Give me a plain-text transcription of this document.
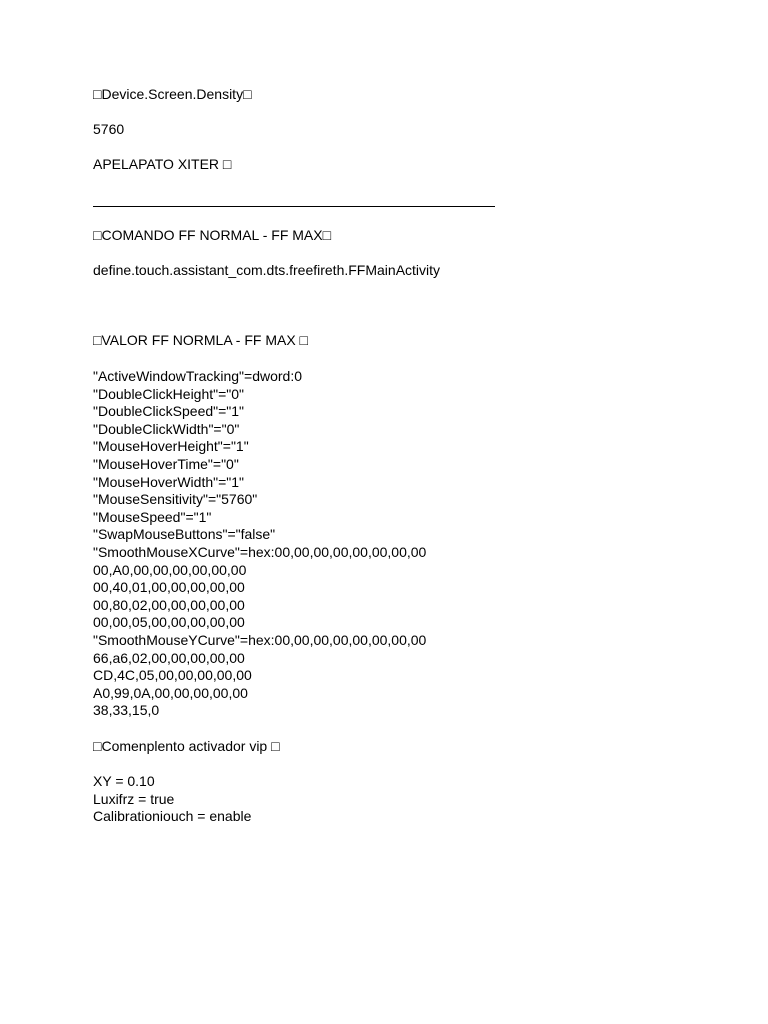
□Device.Screen.Density□

5760

APELAPATO XITER □

□COMANDO FF NORMAL - FF MAX□

define.touch.assistant_com.dts.freefireth.FFMainActivity

□VALOR FF NORMLA - FF MAX □

"ActiveWindowTracking"=dword:0
"DoubleClickHeight"="0"
"DoubleClickSpeed"="1"
"DoubleClickWidth"="0"
"MouseHoverHeight"="1"
"MouseHoverTime"="0"
"MouseHoverWidth"="1"
"MouseSensitivity"="5760"
"MouseSpeed"="1"
"SwapMouseButtons"="false"
"SmoothMouseXCurve"=hex:00,00,00,00,00,00,00,00
00,A0,00,00,00,00,00,00
00,40,01,00,00,00,00,00
00,80,02,00,00,00,00,00
00,00,05,00,00,00,00,00
"SmoothMouseYCurve"=hex:00,00,00,00,00,00,00,00
66,a6,02,00,00,00,00,00
CD,4C,05,00,00,00,00,00
A0,99,0A,00,00,00,00,00
38,33,15,0

□Comenplento activador vip □

XY = 0.10
Luxifrz = true
Calibrationiouch = enable
